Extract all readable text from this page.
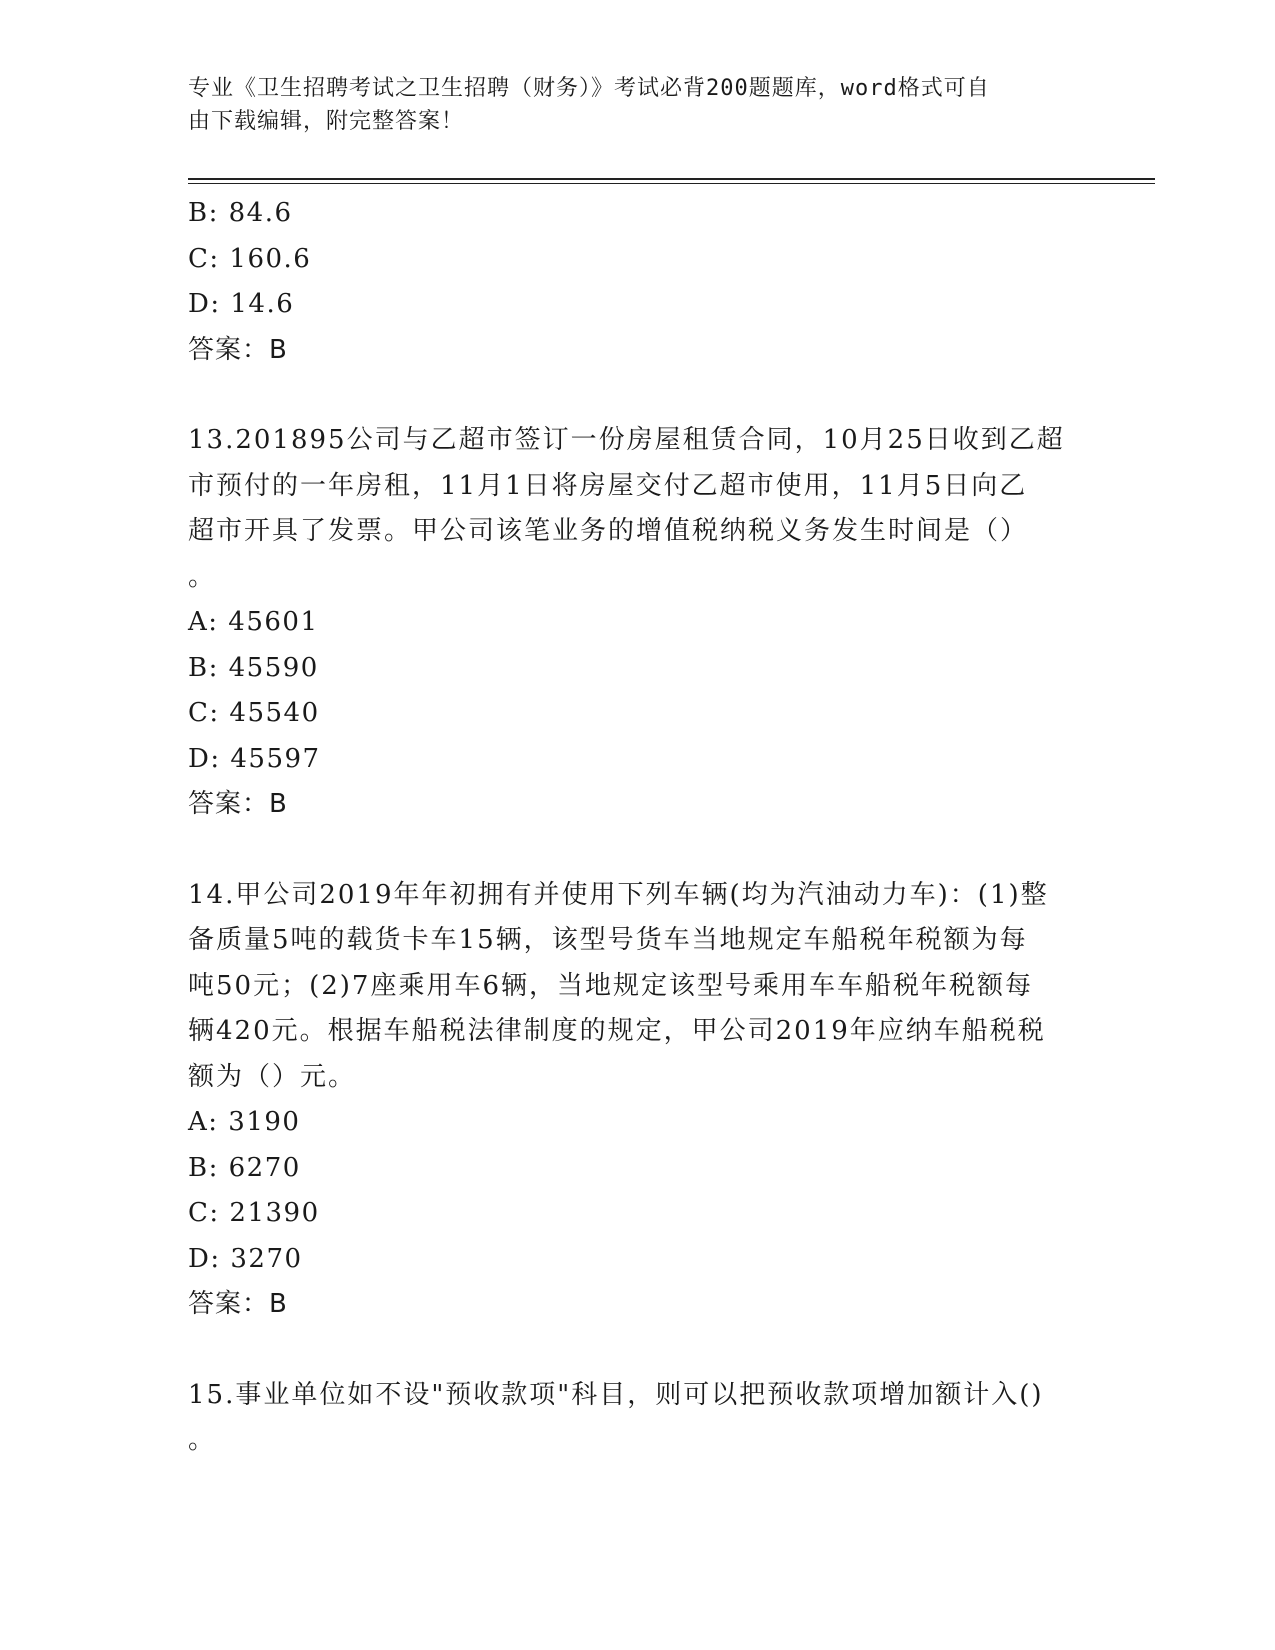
专业《卫生招聘考试之卫生招聘（财务）》考试必背200题题库，word格式可自
由下载编辑，附完整答案！
B: 84.6
C: 160.6
D: 14.6
答案：B
13.201895公司与乙超市签订一份房屋租赁合同，10月25日收到乙超
市预付的一年房租，11月1日将房屋交付乙超市使用，11月5日向乙
超市开具了发票。甲公司该笔业务的增值税纳税义务发生时间是（）
。
A: 45601
B: 45590
C: 45540
D: 45597
答案：B
14.甲公司2019年年初拥有并使用下列车辆(均为汽油动力车)：(1)整
备质量5吨的载货卡车15辆，该型号货车当地规定车船税年税额为每
吨50元；(2)7座乘用车6辆，当地规定该型号乘用车车船税年税额每
辆420元。根据车船税法律制度的规定，甲公司2019年应纳车船税税
额为（）元。
A: 3190
B: 6270
C: 21390
D: 3270
答案：B
15.事业单位如不设"预收款项"科目，则可以把预收款项增加额计入()
。
